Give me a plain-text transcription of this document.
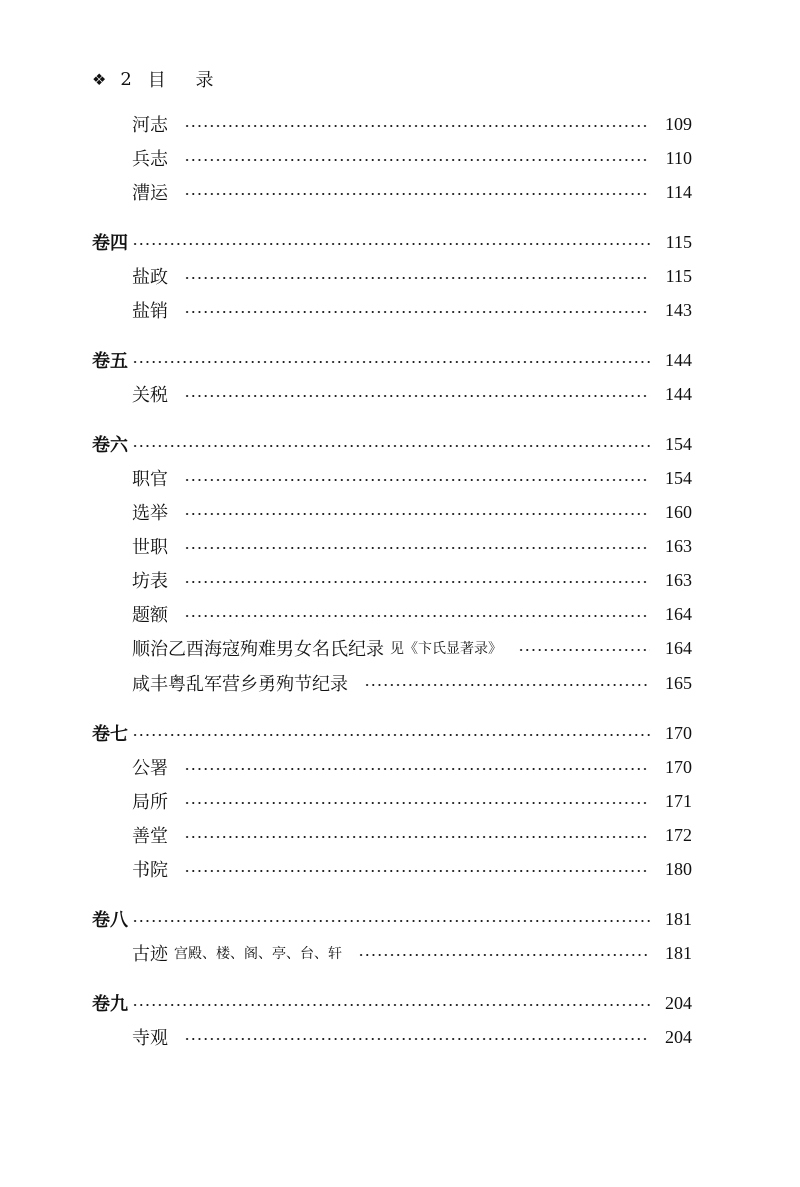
❖ 2 目 录
河志	109
兵志	110
漕运	114
卷四	115
盐政	115
盐销	143
卷五	144
关税	144
卷六	154
职官	154
选举	160
世职	163
坊表	163
题额	164
顺治乙酉海寇殉难男女名氏纪录 见《卞氏显著录》	164
咸丰粤乱军营乡勇殉节纪录	165
卷七	170
公署	170
局所	171
善堂	172
书院	180
卷八	181
古迹 宫殿、楼、阁、亭、台、轩	181
卷九	204
寺观	204
